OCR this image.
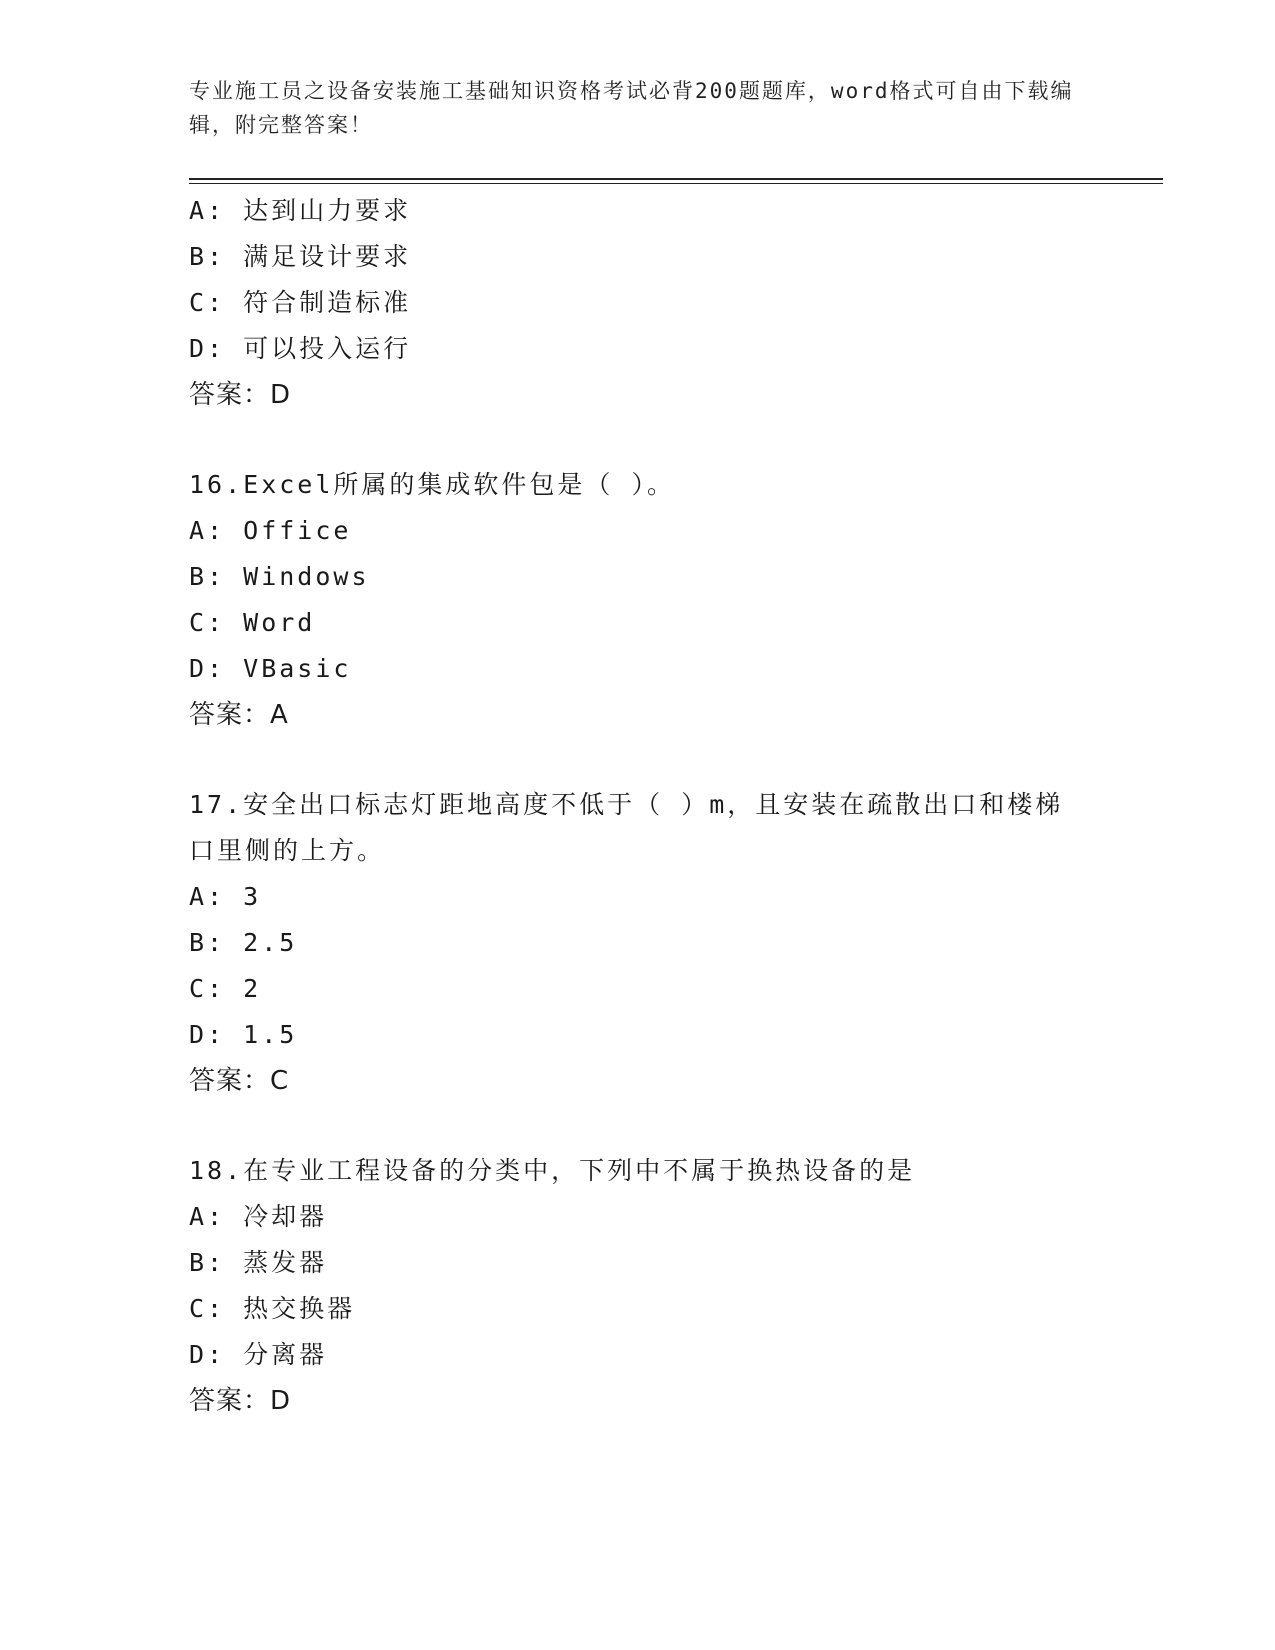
专业施工员之设备安装施工基础知识资格考试必背200题题库，word格式可自由下载编辑，附完整答案！
A: 达到山力要求
B: 满足设计要求
C: 符合制造标准
D: 可以投入运行
答案：D
16.Excel所属的集成软件包是（ ）。
A: Office
B: Windows
C: Word
D: VBasic
答案：A
17.安全出口标志灯距地高度不低于（ ）m，且安装在疏散出口和楼梯
口里侧的上方。
A: 3
B: 2.5
C: 2
D: 1.5
答案：C
18.在专业工程设备的分类中，下列中不属于换热设备的是
A: 冷却器
B: 蒸发器
C: 热交换器
D: 分离器
答案：D
